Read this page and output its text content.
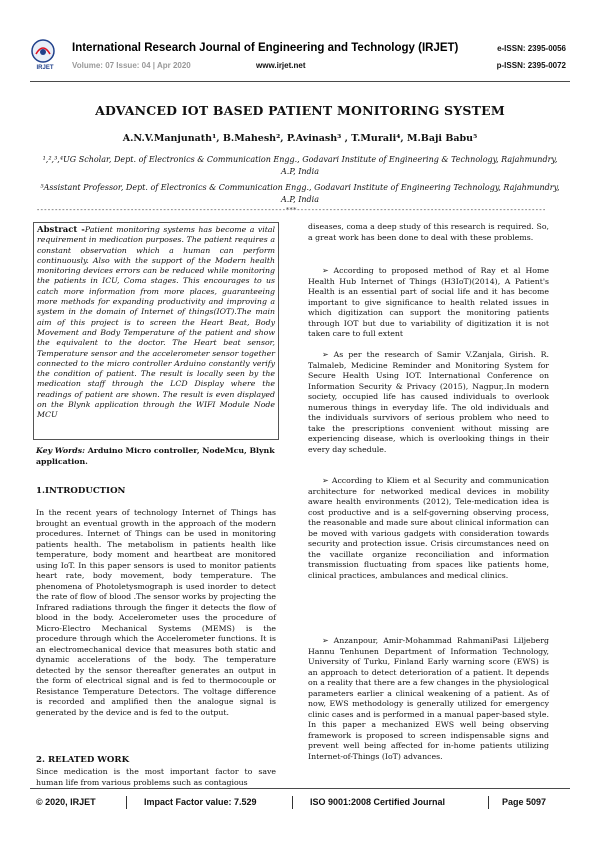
IRJET
International Research Journal of Engineering and Technology (IRJET)
Volume: 07 Issue: 04 | Apr 2020	www.irjet.net
e-ISSN: 2395-0056
p-ISSN: 2395-0072
ADVANCED IOT BASED PATIENT MONITORING SYSTEM
A.N.V.Manjunath¹, B.Mahesh², P.Avinash³ , T.Murali⁴, M.Baji Babu⁵
¹,²,³,⁴UG Scholar, Dept. of Electronics & Communication Engg., Godavari Institute of Engineering & Technology, Rajahmundry, A.P, India
⁵Assistant Professor, Dept. of Electronics & Communication Engg., Godavari Institute of Engineering Technology, Rajahmundry, A.P, India
---------------------------------------------------------------------***---------------------------------------------------------------------
Abstract -Patient monitoring systems has become a vital requirement in medication purposes. The patient requires a constant observation which a human can perform continuously. Also with the support of the Modern health monitoring devices errors can be reduced while monitoring the patients in ICU, Coma stages. This encourages to us catch more information from more places, guaranteeing more methods for expanding productivity and improving a system in the domain of Internet of things(IOT).The main aim of this project is to screen the Heart Beat, Body Movement and Body Temperature of the patient and show the equivalent to the doctor. The Heart beat sensor, Temperature sensor and the accelerometer sensor together connected to the micro controller Arduino constantly verify the condition of patient. The result is locally seen by the medication staff through the LCD Display where the readings of patient are shown. The result is even displayed on the Blynk application through the WIFI Module Node MCU
Key Words: Arduino Micro controller, NodeMcu, Blynk application.
1.INTRODUCTION
In the recent years of technology Internet of Things has brought an eventual growth in the approach of the modern procedures. Internet of Things can be used in monitoring patients health. The metabolism in patients health like temperature, body moment and heartbeat are monitored using IoT. In this paper sensors is used to monitor patients heart rate, body movement, body temperature. The phenomena of Photoletysmograph is used inorder to detect the rate of flow of blood .The sensor works by projecting the Infrared radiations through the finger it detects the flow of blood in the body. Accelerometer uses the procedure of Micro-Electro Mechanical Systems (MEMS) is the procedure through which the Accelerometer functions. It is an electromechanical device that measures both static and dynamic accelerations of the body. The temperature detected by the sensor thereafter generates an output in the form of electrical signal and is fed to thermocouple or Resistance Temperature Detectors. The voltage difference is recorded and amplified then the analogue signal is generated by the device and is fed to the output.
2. RELATED WORK
Since medication is the most important factor to save human life from various problems such as contagious
diseases, coma a deep study of this research is required. So, a great work has been done to deal with these problems.
➢ According to proposed method of Ray et al Home Health Hub Internet of Things (H3IoT)(2014), A Patient's Health is an essential part of social life and it has become important to give significance to health related issues in which digitization can support the monitoring patients through IOT but due to variability of digitization it is not taken care to full extent
➢ As per the research of Samir V.Zanjala, Girish. R. Talmaleb, Medicine Reminder and Monitoring System for Secure Health Using IOT. International Conference on Information Security & Privacy (2015), Nagpur,.In modern society, occupied life has caused individuals to overlook numerous things in everyday life. The old individuals and the individuals survivors of serious problem who need to take the prescriptions convenient without missing are experiencing disease, which is overlooking things in their every day schedule.
➢ According to Kliem et al Security and communication architecture for networked medical devices in mobility aware health environments (2012), Tele-medication idea is cost productive and is a self-governing observing process, the reasonable and made sure about clinical information can be moved with various gadgets with consideration towards security and protection issue. Crisis circumstances need on the vacillate organize reconciliation and information transmission fluctuating from spaces like patients home, clinical practices, ambulances and medical clinics.
➢ Anzanpour, Amir-Mohammad RahmaniPasi Liljeberg Hannu Tenhunen Department of Information Technology, University of Turku, Finland Early warning score (EWS) is an approach to detect deterioration of a patient. It depends on a reality that there are a few changes in the physiological parameters earlier a clinical weakening of a patient. As of now, EWS methodology is generally utilized for emergency clinic cases and is performed in a manual paper-based style. In this paper a mechanized EWS well being observing framework is proposed to screen indispensable signs and prevent well being affected for in-home patients utilizing Internet-of-Things (IoT) advances.
© 2020, IRJET	Impact Factor value: 7.529	ISO 9001:2008 Certified Journal	Page 5097
